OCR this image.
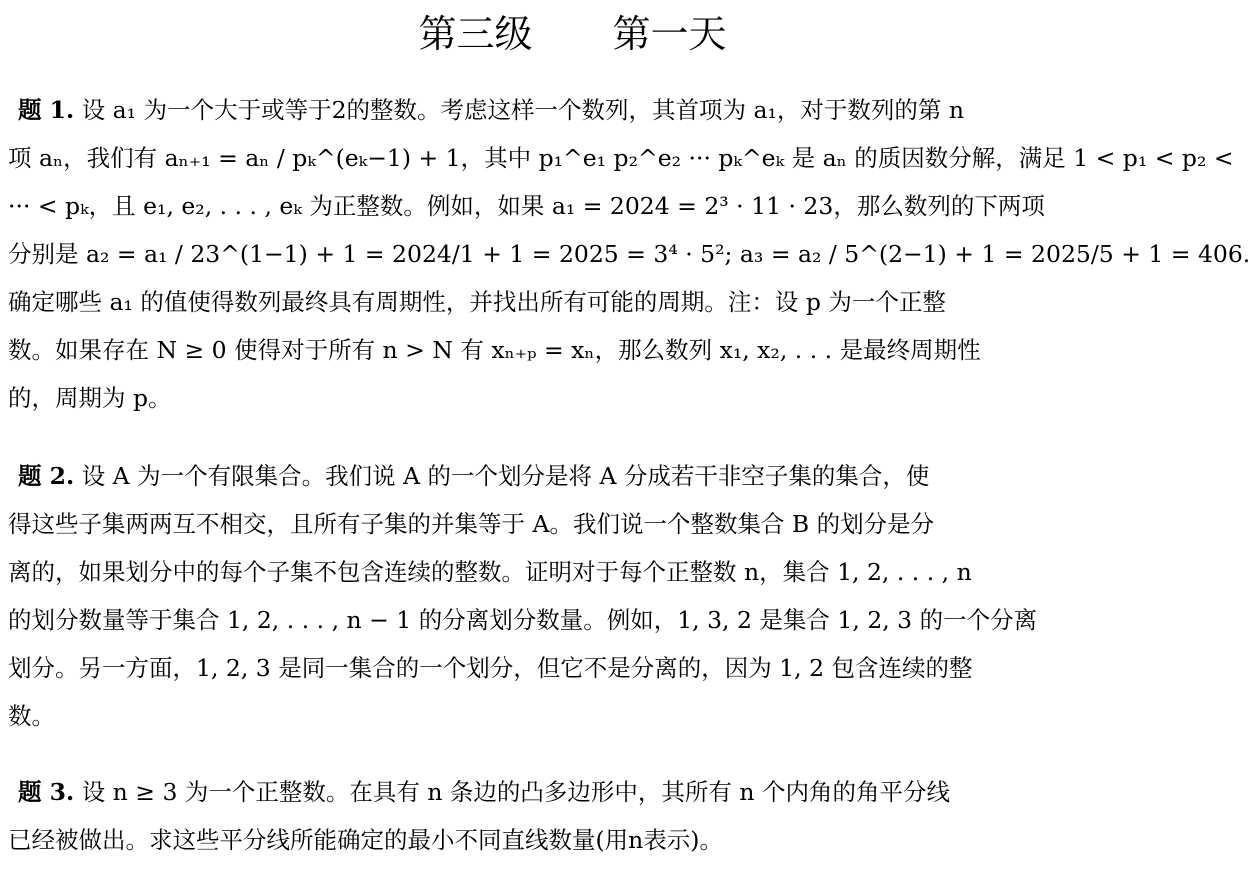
第三级 第一天
题 1. 设 a₁ 为一个大于或等于2的整数。考虑这样一个数列，其首项为 a₁，对于数列的第 n
项 aₙ，我们有 aₙ₊₁ = aₙ / pₖ^(eₖ−1) + 1，其中 p₁^e₁ p₂^e₂ ··· pₖ^eₖ 是 aₙ 的质因数分解，满足 1 < p₁ < p₂ <
··· < pₖ，且 e₁, e₂, . . . , eₖ 为正整数。例如，如果 a₁ = 2024 = 2³ · 11 · 23，那么数列的下两项
分别是 a₂ = a₁ / 23^(1−1) + 1 = 2024/1 + 1 = 2025 = 3⁴ · 5²; a₃ = a₂ / 5^(2−1) + 1 = 2025/5 + 1 = 406.
确定哪些 a₁ 的值使得数列最终具有周期性，并找出所有可能的周期。注：设 p 为一个正整
数。如果存在 N ≥ 0 使得对于所有 n > N 有 xₙ₊ₚ = xₙ，那么数列 x₁, x₂, . . . 是最终周期性
的，周期为 p。
题 2. 设 A 为一个有限集合。我们说 A 的一个划分是将 A 分成若干非空子集的集合，使
得这些子集两两互不相交，且所有子集的并集等于 A。我们说一个整数集合 B 的划分是分
离的，如果划分中的每个子集不包含连续的整数。证明对于每个正整数 n，集合 1, 2, . . . , n
的划分数量等于集合 1, 2, . . . , n − 1 的分离划分数量。例如，1, 3, 2 是集合 1, 2, 3 的一个分离
划分。另一方面，1, 2, 3 是同一集合的一个划分，但它不是分离的，因为 1, 2 包含连续的整
数。
题 3. 设 n ≥ 3 为一个正整数。在具有 n 条边的凸多边形中，其所有 n 个内角的角平分线
已经被做出。求这些平分线所能确定的最小不同直线数量(用n表示)。
